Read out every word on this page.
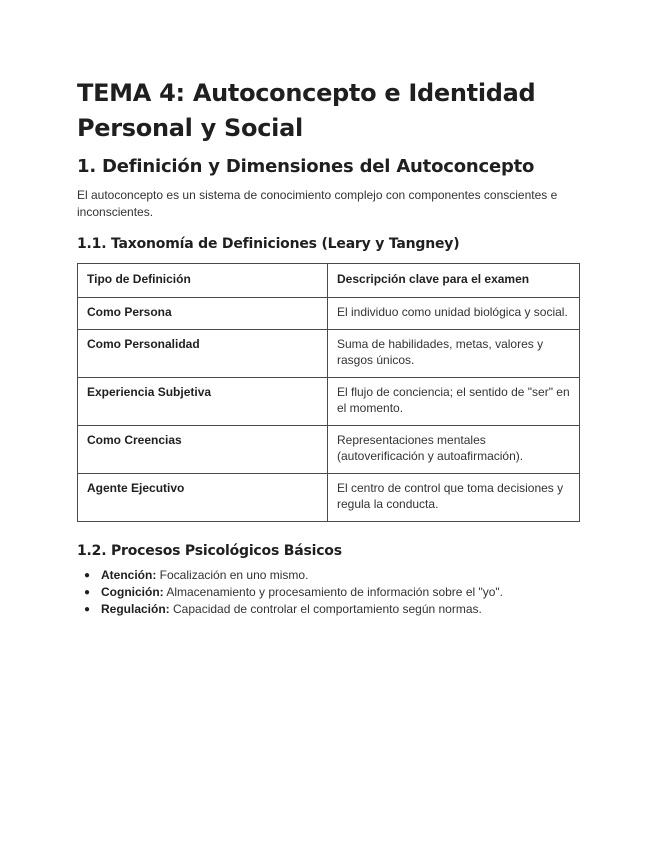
TEMA 4: Autoconcepto e Identidad Personal y Social
1. Definición y Dimensiones del Autoconcepto

El autoconcepto es un sistema de conocimiento complejo con componentes conscientes e inconscientes.

1.1. Taxonomía de Definiciones (Leary y Tangney)
Tipo de Definición	Descripción clave para el examen
Como Persona	El individuo como unidad biológica y social.
Como Personalidad	Suma de habilidades, metas, valores y rasgos únicos.
Experiencia Subjetiva	El flujo de conciencia; el sentido de "ser" en el momento.
Como Creencias	Representaciones mentales (autoverificación y autoafirmación).
Agente Ejecutivo	El centro de control que toma decisiones y regula la conducta.
1.2. Procesos Psicológicos Básicos
● Atención: Focalización en uno mismo.
● Cognición: Almacenamiento y procesamiento de información sobre el "yo".
● Regulación: Capacidad de controlar el comportamiento según normas.
